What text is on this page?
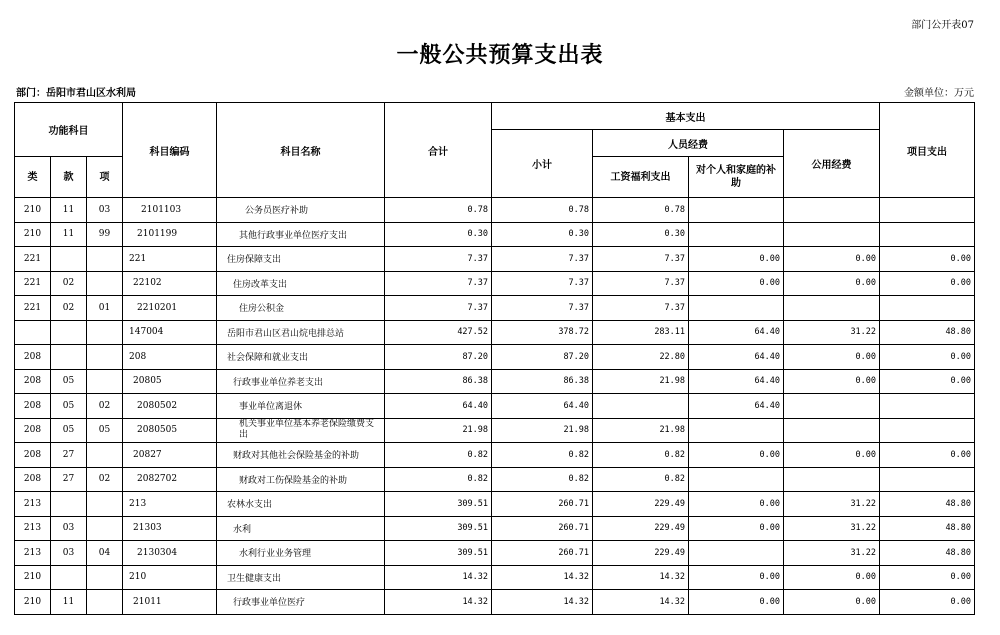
部门公开表07
一般公共预算支出表
部门：岳阳市君山区水利局	金额单位：万元
功能科目			科目编码	科目名称	合计	基本支出				项目支出
						小计	人员经费		公用经费	
类	款	项					工资福利支出	对个人和家庭的补助		
210	11	03	2101103	公务员医疗补助	0.78	0.78	0.78			
210	11	99	2101199	其他行政事业单位医疗支出	0.30	0.30	0.30			
221			221	住房保障支出	7.37	7.37	7.37	0.00	0.00	0.00
221	02		22102	住房改革支出	7.37	7.37	7.37	0.00	0.00	0.00
221	02	01	2210201	住房公积金	7.37	7.37	7.37			
			147004	岳阳市君山区君山烷电排总站	427.52	378.72	283.11	64.40	31.22	48.80
208			208	社会保障和就业支出	87.20	87.20	22.80	64.40	0.00	0.00
208	05		20805	行政事业单位养老支出	86.38	86.38	21.98	64.40	0.00	0.00
208	05	02	2080502	事业单位离退休	64.40	64.40		64.40		
208	05	05	2080505	机关事业单位基本养老保险缴费支出	21.98	21.98	21.98			
208	27		20827	财政对其他社会保险基金的补助	0.82	0.82	0.82	0.00	0.00	0.00
208	27	02	2082702	财政对工伤保险基金的补助	0.82	0.82	0.82			
213			213	农林水支出	309.51	260.71	229.49	0.00	31.22	48.80
213	03		21303	水利	309.51	260.71	229.49	0.00	31.22	48.80
213	03	04	2130304	水利行业业务管理	309.51	260.71	229.49		31.22	48.80
210			210	卫生健康支出	14.32	14.32	14.32	0.00	0.00	0.00
210	11		21011	行政事业单位医疗	14.32	14.32	14.32	0.00	0.00	0.00
